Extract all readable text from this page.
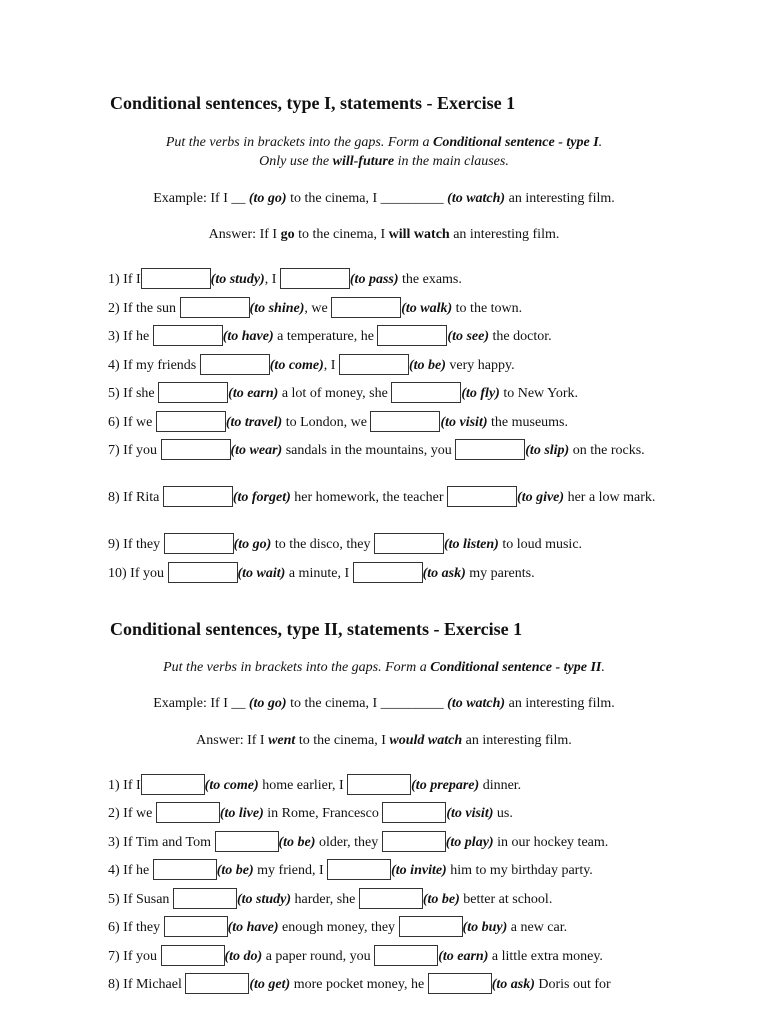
Conditional sentences, type I, statements - Exercise 1
Put the verbs in brackets into the gaps. Form a Conditional sentence - type I.
Only use the will-future in the main clauses.
Example: If I __ (to go) to the cinema, I _________ (to watch) an interesting film.
Answer: If I go to the cinema, I will watch an interesting film.
1) If I	(to study), I	(to pass) the exams.
2) If the sun	(to shine), we	(to walk) to the town.
3) If he	(to have) a temperature, he	(to see) the doctor.
4) If my friends	(to come), I	(to be) very happy.
5) If she	(to earn) a lot of money, she	(to fly) to New York.
6) If we	(to travel) to London, we	(to visit) the museums.
7) If you	(to wear) sandals in the mountains, you	(to slip) on the rocks.
8) If Rita	(to forget) her homework, the teacher	(to give) her a low mark.
9) If they	(to go) to the disco, they	(to listen) to loud music.
10) If you	(to wait) a minute, I	(to ask) my parents.
Conditional sentences, type II, statements - Exercise 1
Put the verbs in brackets into the gaps. Form a Conditional sentence - type II.
Example: If I __ (to go) to the cinema, I _________ (to watch) an interesting film.
Answer: If I went to the cinema, I would watch an interesting film.
1) If I	(to come) home earlier, I	(to prepare) dinner.
2) If we	(to live) in Rome, Francesco	(to visit) us.
3) If Tim and Tom	(to be) older, they	(to play) in our hockey team.
4) If he	(to be) my friend, I	(to invite) him to my birthday party.
5) If Susan	(to study) harder, she	(to be) better at school.
6) If they	(to have) enough money, they	(to buy) a new car.
7) If you	(to do) a paper round, you	(to earn) a little extra money.
8) If Michael	(to get) more pocket money, he	(to ask) Doris out for
